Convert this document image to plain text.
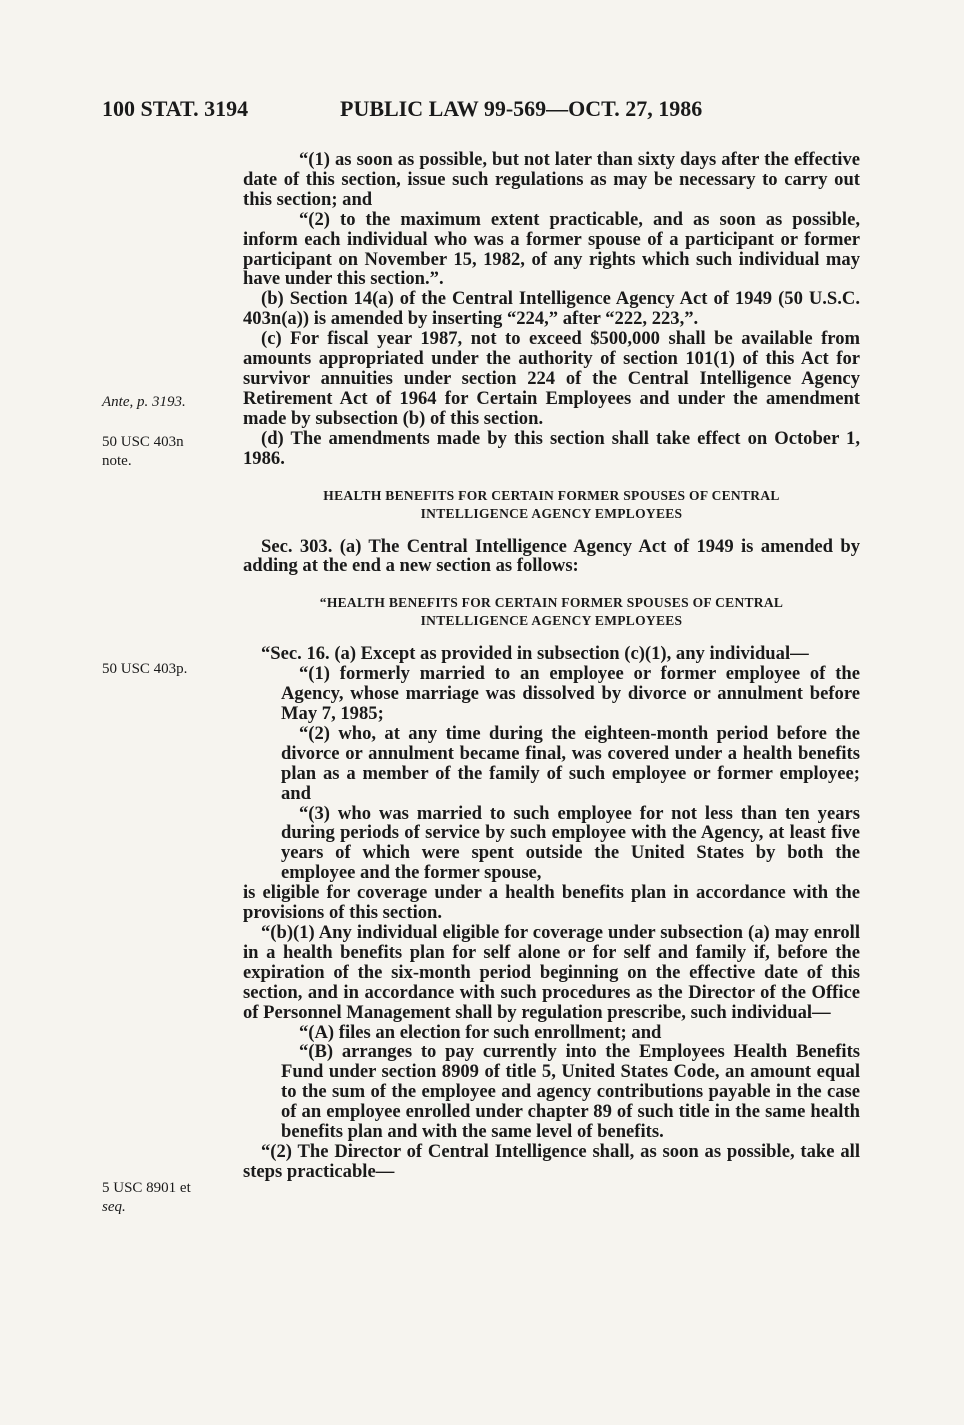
100 STAT. 3194	PUBLIC LAW 99-569—OCT. 27, 1986
Ante, p. 3193.
50 USC 403n
note.
50 USC 403p.
5 USC 8901 et
seq.

“(1) as soon as possible, but not later than sixty days after the effective date of this section, issue such regulations as may be necessary to carry out this section; and

“(2) to the maximum extent practicable, and as soon as possible, inform each individual who was a former spouse of a participant or former participant on November 15, 1982, of any rights which such individual may have under this section.”.

(b) Section 14(a) of the Central Intelligence Agency Act of 1949 (50 U.S.C. 403n(a)) is amended by inserting “224,” after “222, 223,”.

(c) For fiscal year 1987, not to exceed $500,000 shall be available from amounts appropriated under the authority of section 101(1) of this Act for survivor annuities under section 224 of the Central Intelligence Agency Retirement Act of 1964 for Certain Employees and under the amendment made by subsection (b) of this section.

(d) The amendments made by this section shall take effect on October 1, 1986.

HEALTH BENEFITS FOR CERTAIN FORMER SPOUSES OF CENTRAL

INTELLIGENCE AGENCY EMPLOYEES

Sec. 303. (a) The Central Intelligence Agency Act of 1949 is amended by adding at the end a new section as follows:

“HEALTH BENEFITS FOR CERTAIN FORMER SPOUSES OF CENTRAL

INTELLIGENCE AGENCY EMPLOYEES

“Sec. 16. (a) Except as provided in subsection (c)(1), any individual—

“(1) formerly married to an employee or former employee of the Agency, whose marriage was dissolved by divorce or annulment before May 7, 1985;

“(2) who, at any time during the eighteen-month period before the divorce or annulment became final, was covered under a health benefits plan as a member of the family of such employee or former employee; and

“(3) who was married to such employee for not less than ten years during periods of service by such employee with the Agency, at least five years of which were spent outside the United States by both the employee and the former spouse,

is eligible for coverage under a health benefits plan in accordance with the provisions of this section.

“(b)(1) Any individual eligible for coverage under subsection (a) may enroll in a health benefits plan for self alone or for self and family if, before the expiration of the six-month period beginning on the effective date of this section, and in accordance with such procedures as the Director of the Office of Personnel Management shall by regulation prescribe, such individual—

“(A) files an election for such enrollment; and

“(B) arranges to pay currently into the Employees Health Benefits Fund under section 8909 of title 5, United States Code, an amount equal to the sum of the employee and agency contributions payable in the case of an employee enrolled under chapter 89 of such title in the same health benefits plan and with the same level of benefits.

“(2) The Director of Central Intelligence shall, as soon as possible, take all steps practicable—
